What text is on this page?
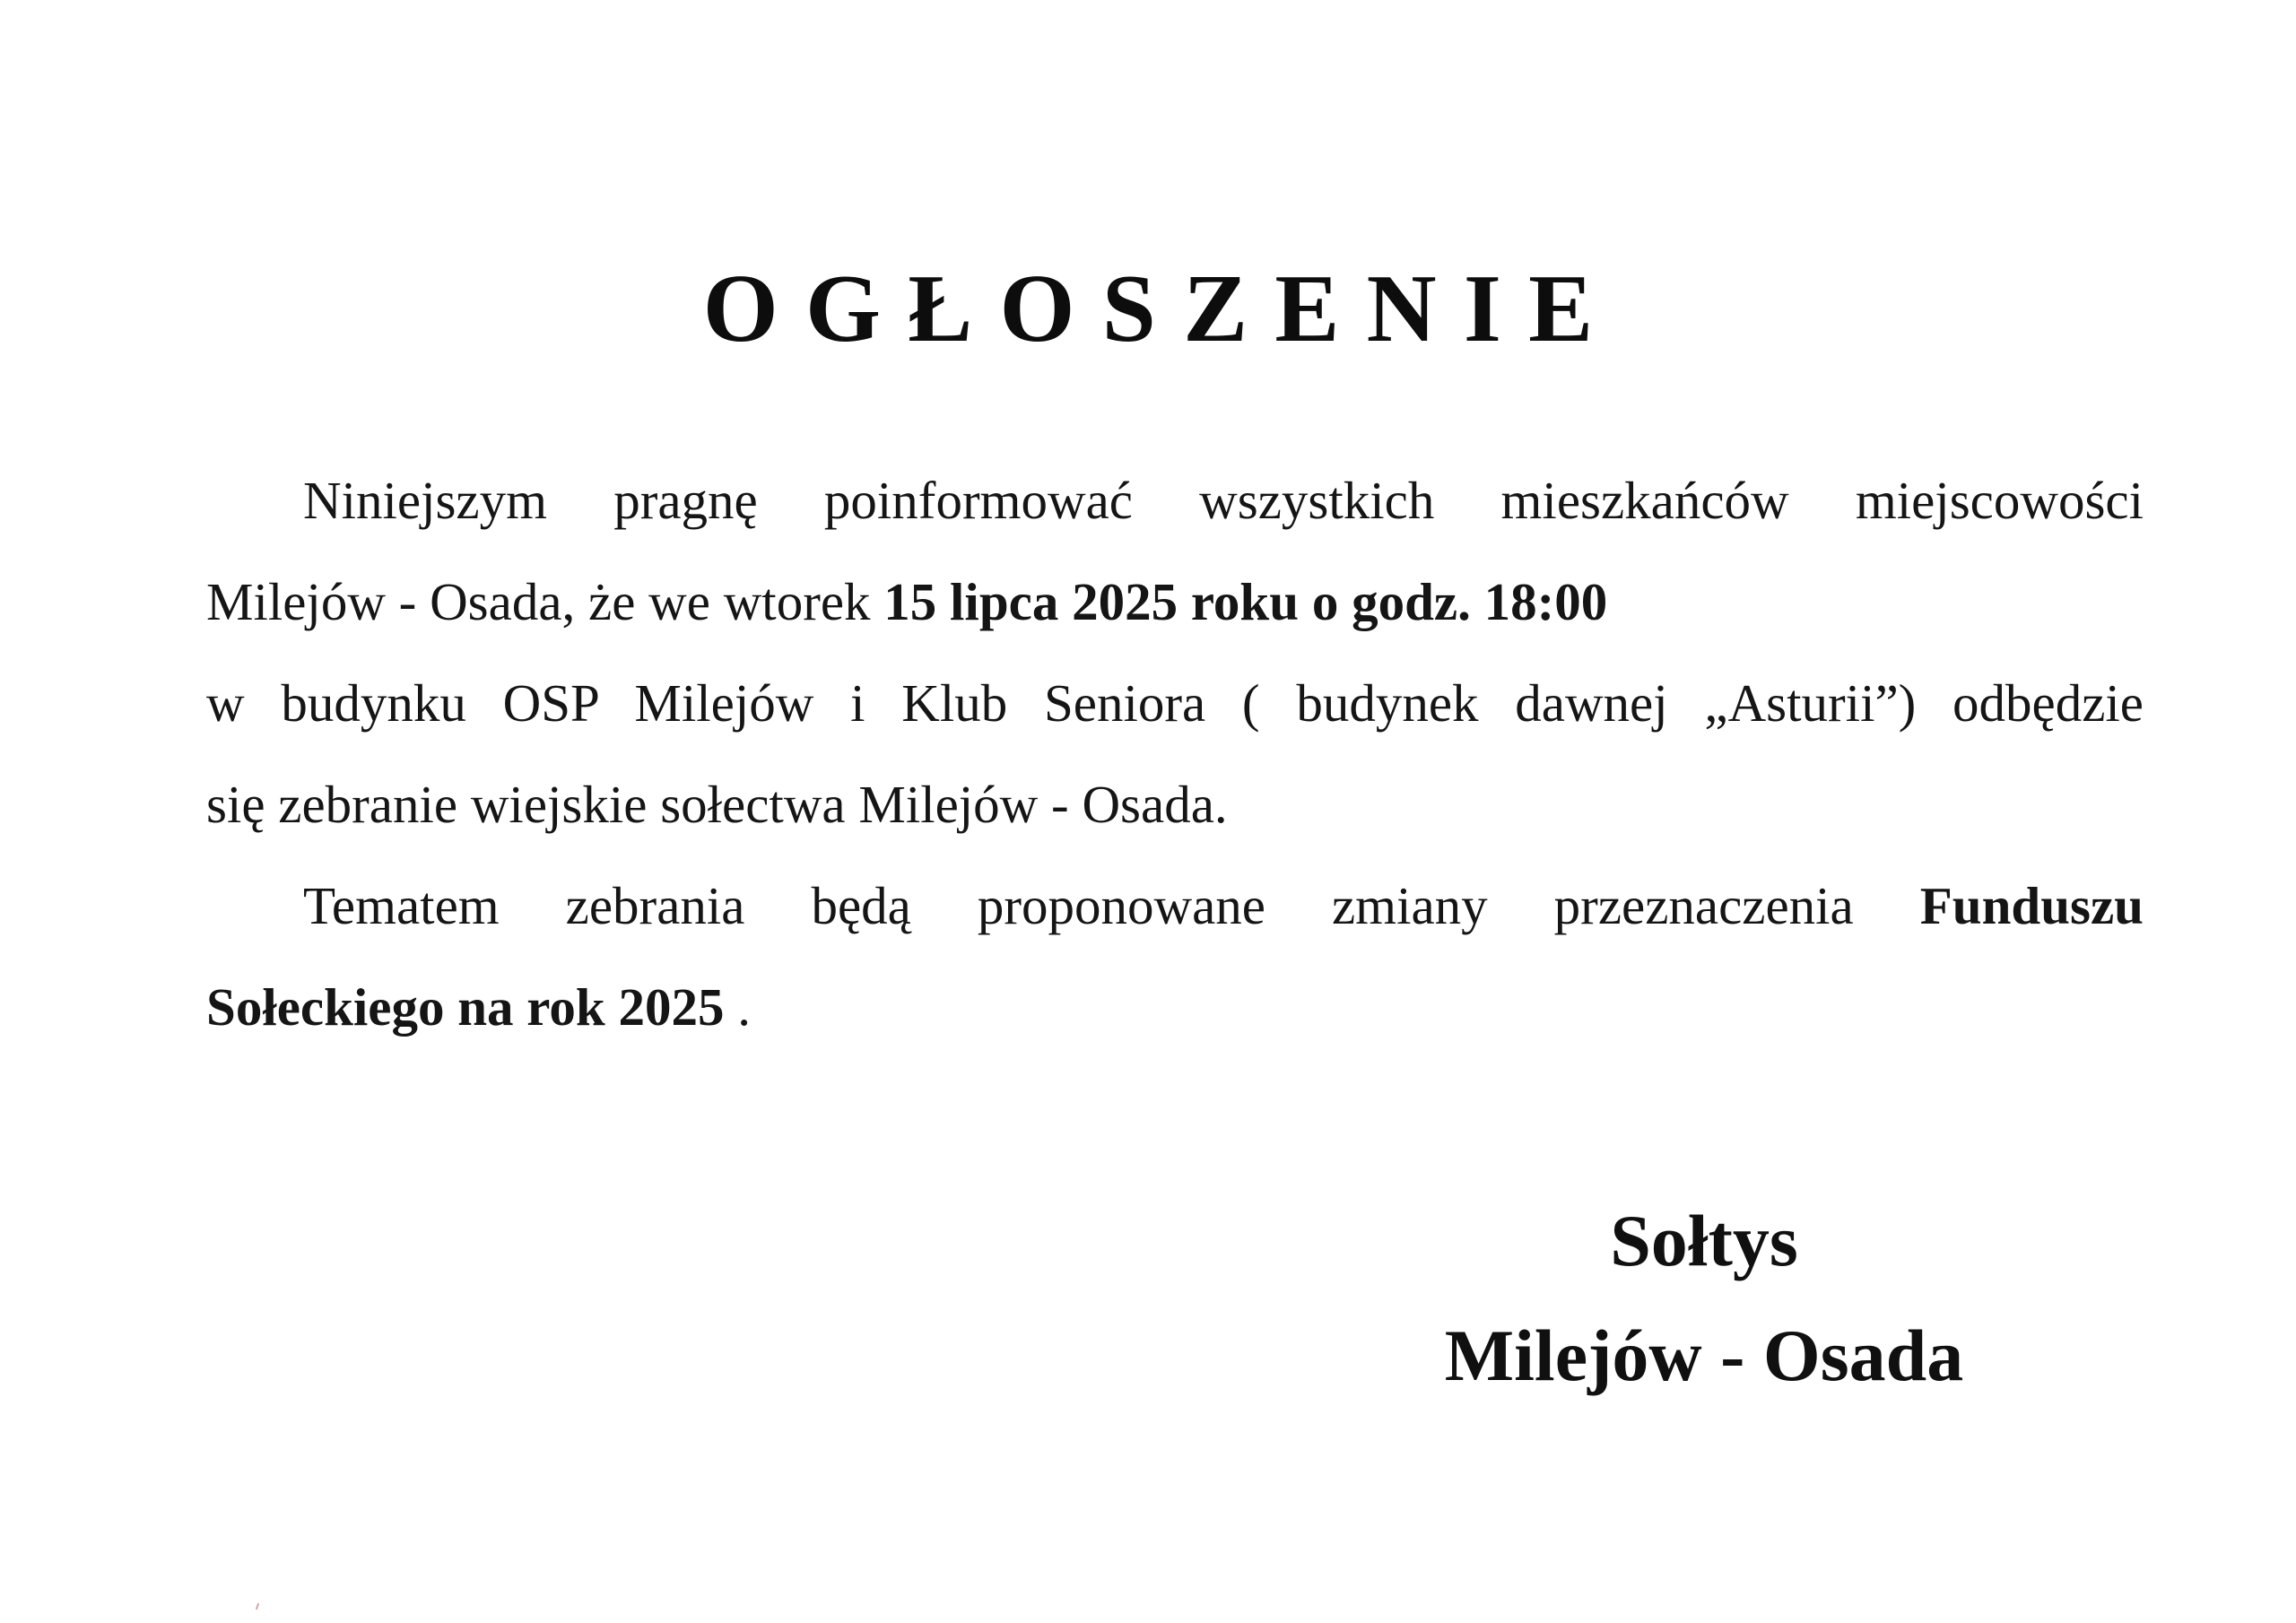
OGŁOSZENIE

Niniejszym pragnę poinformować wszystkich mieszkańców miejscowości
Milejów - Osada, że we wtorek 15 lipca 2025 roku o godz. 18:00
w budynku OSP Milejów i Klub Seniora ( budynek dawnej „Asturii”) odbędzie
się zebranie wiejskie sołectwa Milejów - Osada.

Tematem zebrania będą proponowane zmiany przeznaczenia Funduszu
Sołeckiego na rok 2025 .

Sołtys
Milejów - Osada
